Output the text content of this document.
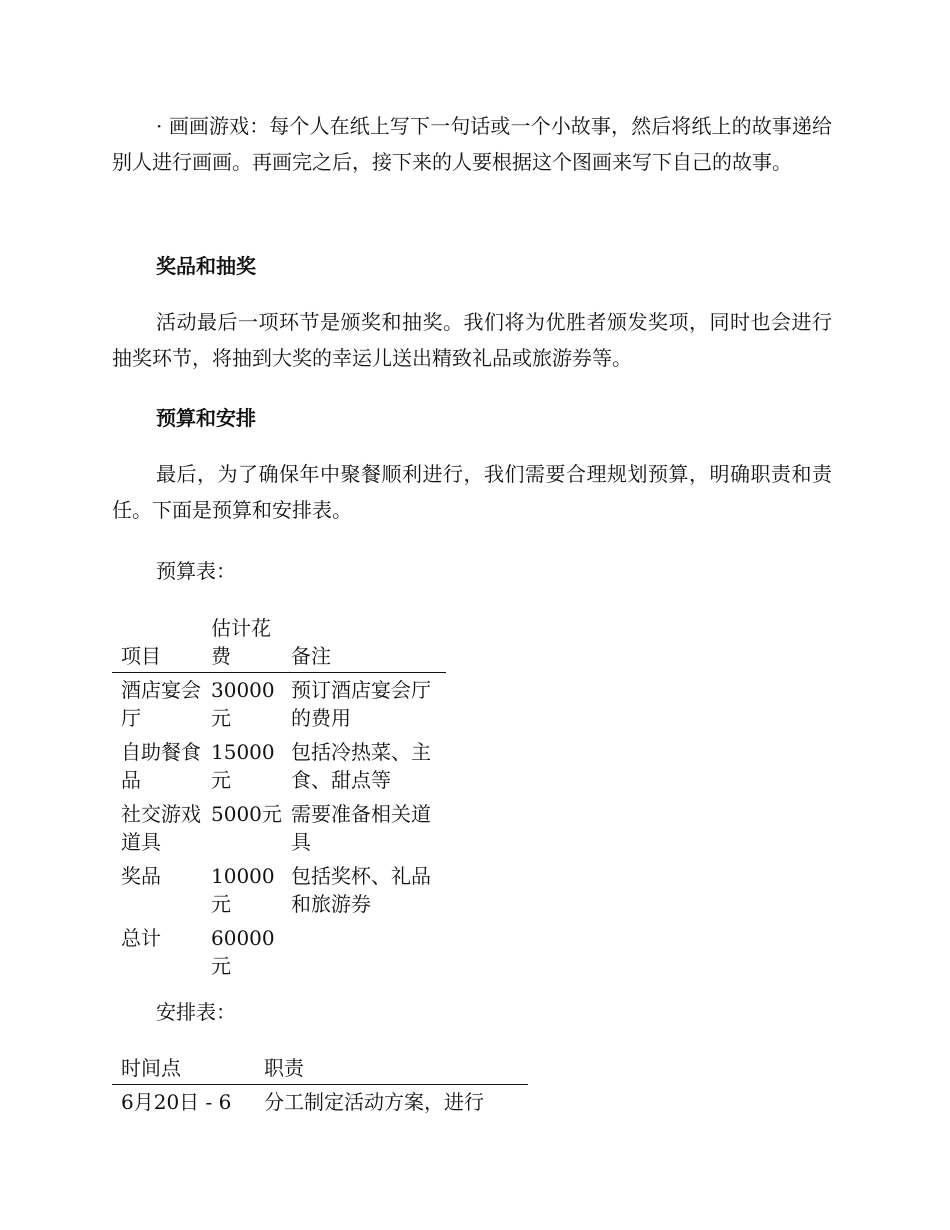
· 画画游戏：每个人在纸上写下一句话或一个小故事，然后将纸上的故事递给别人进行画画。再画完之后，接下来的人要根据这个图画来写下自己的故事。

奖品和抽奖

活动最后一项环节是颁奖和抽奖。我们将为优胜者颁发奖项，同时也会进行抽奖环节，将抽到大奖的幸运儿送出精致礼品或旅游券等。

预算和安排

最后，为了确保年中聚餐顺利进行，我们需要合理规划预算，明确职责和责任。下面是预算和安排表。

预算表：

项目	估计花费	备注
酒店宴会厅	30000元	预订酒店宴会厅的费用
自助餐食品	15000元	包括冷热菜、主食、甜点等
社交游戏道具	5000元	需要准备相关道具
奖品	10000元	包括奖杯、礼品和旅游券
总计	60000元	

安排表：

时间点	职责
6月20日 - 6	分工制定活动方案，进行
